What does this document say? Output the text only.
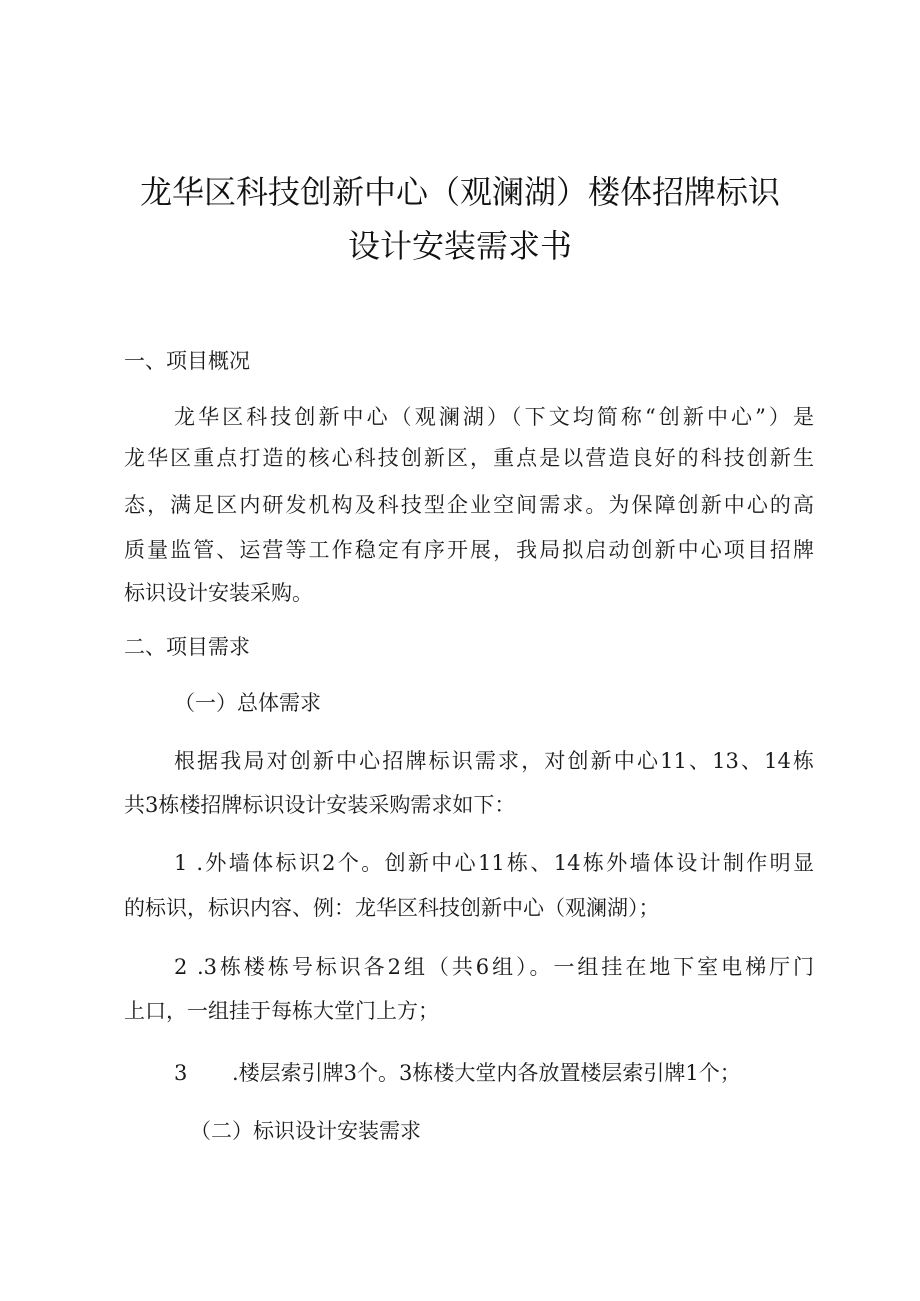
龙华区科技创新中心（观澜湖）楼体招牌标识
设计安装需求书
一、项目概况
龙华区科技创新中心（观澜湖）（下文均简称“创新中心”）是
龙华区重点打造的核心科技创新区，重点是以营造良好的科技创新生
态，满足区内研发机构及科技型企业空间需求。为保障创新中心的高
质量监管、运营等工作稳定有序开展，我局拟启动创新中心项目招牌
标识设计安装采购。
二、项目需求
（一）总体需求
根据我局对创新中心招牌标识需求，对创新中心11、13、14栋
共3栋楼招牌标识设计安装采购需求如下：
1 .外墙体标识2个。创新中心11栋、14栋外墙体设计制作明显
的标识，标识内容、例：龙华区科技创新中心（观澜湖）；
2 .3栋楼栋号标识各2组（共6组）。一组挂在地下室电梯厅门
上口，一组挂于每栋大堂门上方；
3 .楼层索引牌3个。3栋楼大堂内各放置楼层索引牌1个；
（二）标识设计安装需求
